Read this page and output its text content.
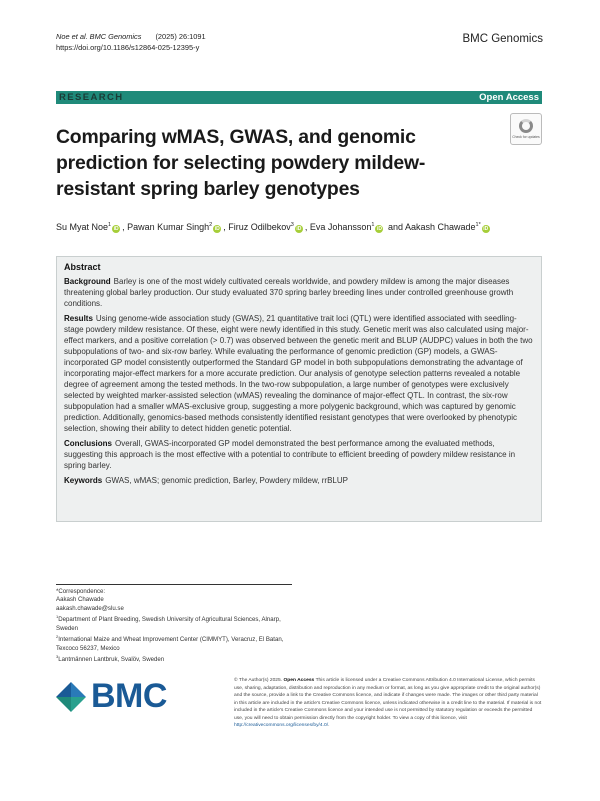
Noe et al. BMC Genomics (2025) 26:1091
https://doi.org/10.1186/s12864-025-12395-y
BMC Genomics
RESEARCH	Open Access
Comparing wMAS, GWAS, and genomic prediction for selecting powdery mildew-resistant spring barley genotypes
Check for updates
Su Myat Noe$^1$iD , Pawan Kumar Singh$^2$iD , Firuz Odilbekov$^3$iD , Eva Johansson$^1$iD and Aakash Chawade$^{1*}$iD
Abstract

Background Barley is one of the most widely cultivated cereals worldwide, and powdery mildew is among the major diseases threatening global barley production. Our study evaluated 370 spring barley breeding lines under controlled greenhouse growth conditions.

Results Using genome-wide association study (GWAS), 21 quantitative trait loci (QTL) were identified associated with seedling-stage powdery mildew resistance. Of these, eight were newly identified in this study. Genetic merit was also calculated using major-effect markers, and a positive correlation (> 0.7) was observed between the genetic merit and BLUP (AUDPC) values in both the two subpopulations of two- and six-row barley. While evaluating the performance of genomic prediction (GP) models, a GWAS-incorporated GP model consistently outperformed the Standard GP model in both subpopulations demonstrating the advantage of incorporating major-effect markers for a more accurate prediction. Our analysis of genotype selection patterns revealed a notable degree of agreement among the tested methods. In the two-row subpopulation, a large number of genotypes were exclusively selected by weighted marker-assisted selection (wMAS) revealing the dominance of major-effect QTL. In contrast, the six-row subpopulation had a smaller wMAS-exclusive group, suggesting a more polygenic background, which was captured by genomic prediction. Additionally, genomics-based methods consistently identified resistant genotypes that were overlooked by phenotypic selection, showing their ability to detect hidden genetic potential.

Conclusions Overall, GWAS-incorporated GP model demonstrated the best performance among the evaluated methods, suggesting this approach is the most effective with a potential to contribute to efficient breeding of powdery mildew resistance in spring barley.

Keywords GWAS, wMAS; genomic prediction, Barley, Powdery mildew, rrBLUP

*Correspondence:
Aakash Chawade
aakash.chawade@slu.se
$^1$Department of Plant Breeding, Swedish University of Agricultural Sciences, Alnarp, Sweden
$^2$International Maize and Wheat Improvement Center (CIMMYT), Veracruz, El Batan, Texcoco 56237, Mexico
$^3$Lantmännen Lantbruk, Svalöv, Sweden
BMC	© The Author(s) 2025. Open Access This article is licensed under a Creative Commons Attribution 4.0 International License, which permits use, sharing, adaptation, distribution and reproduction in any medium or format, as long as you give appropriate credit to the original author(s) and the source, provide a link to the Creative Commons licence, and indicate if changes were made. The images or other third party material in this article are included in the article's Creative Commons licence, unless indicated otherwise in a credit line to the material. If material is not included in the article's Creative Commons licence and your intended use is not permitted by statutory regulation or exceeds the permitted use, you will need to obtain permission directly from the copyright holder. To view a copy of this licence, visit http://creativecommons.org/licenses/by/4.0/.
